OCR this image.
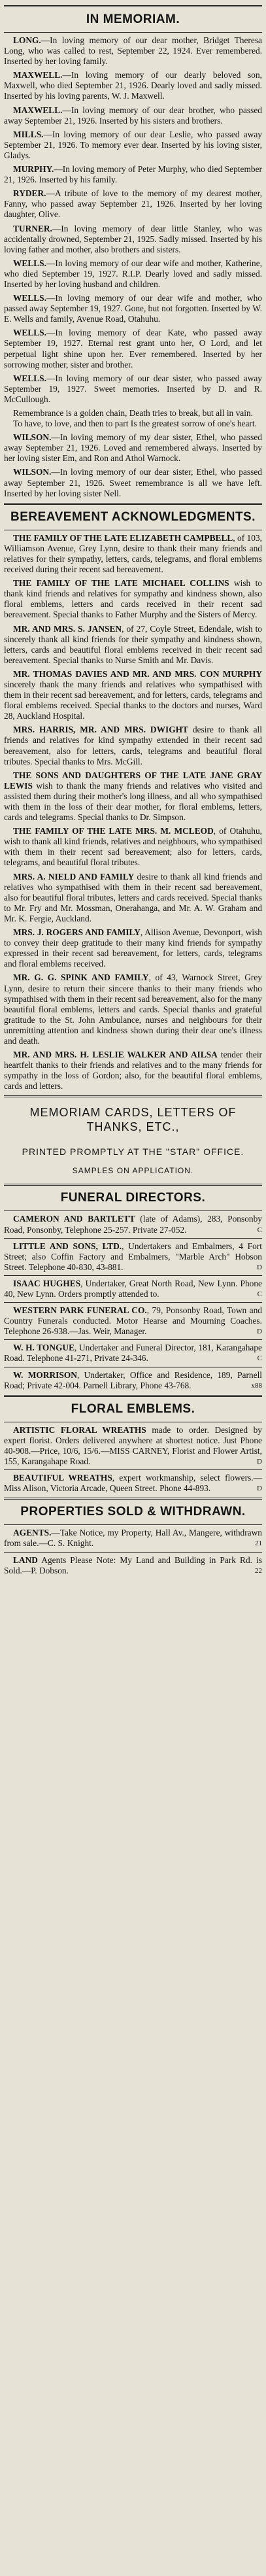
IN MEMORIAM.

LONG.—In loving memory of our dear mother, Bridget Theresa Long, who was called to rest, September 22, 1924. Ever remembered. Inserted by her loving family.

MAXWELL.—In loving memory of our dearly beloved son, Maxwell, who died September 21, 1926. Dearly loved and sadly missed. Inserted by his loving parents, W. J. Maxwell.

MAXWELL.—In loving memory of our dear brother, who passed away September 21, 1926. Inserted by his sisters and brothers.

MILLS.—In loving memory of our dear Leslie, who passed away September 21, 1926. To memory ever dear. Inserted by his loving sister, Gladys.

MURPHY.—In loving memory of Peter Murphy, who died September 21, 1926. Inserted by his family.

RYDER.—A tribute of love to the memory of my dearest mother, Fanny, who passed away September 21, 1926. Inserted by her loving daughter, Olive.

TURNER.—In loving memory of dear little Stanley, who was accidentally drowned, September 21, 1925. Sadly missed. Inserted by his loving father and mother, also brothers and sisters.

WELLS.—In loving memory of our dear wife and mother, Katherine, who died September 19, 1927. R.I.P. Dearly loved and sadly missed. Inserted by her loving husband and children.

WELLS.—In loving memory of our dear wife and mother, who passed away September 19, 1927. Gone, but not forgotten. Inserted by W. E. Wells and family, Avenue Road, Otahuhu.

WELLS.—In loving memory of dear Kate, who passed away September 19, 1927. Eternal rest grant unto her, O Lord, and let perpetual light shine upon her. Ever remembered. Inserted by her sorrowing mother, sister and brother.

WELLS.—In loving memory of our dear sister, who passed away September 19, 1927. Sweet memories. Inserted by D. and R. McCullough.

Remembrance is a golden chain, Death tries to break, but all in vain. To have, to love, and then to part Is the greatest sorrow of one's heart.

WILSON.—In loving memory of my dear sister, Ethel, who passed away September 21, 1926. Loved and remembered always. Inserted by her loving sister Em, and Ron and Athol Warnock.

WILSON.—In loving memory of our dear sister, Ethel, who passed away September 21, 1926. Sweet remembrance is all we have left. Inserted by her loving sister Nell.

BEREAVEMENT ACKNOWLEDGMENTS.

THE FAMILY OF THE LATE ELIZABETH CAMPBELL, of 103, Williamson Avenue, Grey Lynn, desire to thank their many friends and relatives for their sympathy, letters, cards, telegrams, and floral emblems received during their recent sad bereavement.

THE FAMILY OF THE LATE MICHAEL COLLINS wish to thank kind friends and relatives for sympathy and kindness shown, also floral emblems, letters and cards received in their recent sad bereavement. Special thanks to Father Murphy and the Sisters of Mercy.

MR. AND MRS. S. JANSEN, of 27, Coyle Street, Edendale, wish to sincerely thank all kind friends for their sympathy and kindness shown, letters, cards and beautiful floral emblems received in their recent sad bereavement. Special thanks to Nurse Smith and Mr. Davis.

MR. THOMAS DAVIES AND MR. AND MRS. CON MURPHY sincerely thank the many friends and relatives who sympathised with them in their recent sad bereavement, and for letters, cards, telegrams and floral emblems received. Special thanks to the doctors and nurses, Ward 28, Auckland Hospital.

MRS. HARRIS, MR. AND MRS. DWIGHT desire to thank all friends and relatives for kind sympathy extended in their recent sad bereavement, also for letters, cards, telegrams and beautiful floral tributes. Special thanks to Mrs. McGill.

THE SONS AND DAUGHTERS OF THE LATE JANE GRAY LEWIS wish to thank the many friends and relatives who visited and assisted them during their mother's long illness, and all who sympathised with them in the loss of their dear mother, for floral emblems, letters, cards and telegrams. Special thanks to Dr. Simpson.

THE FAMILY OF THE LATE MRS. M. MCLEOD, of Otahuhu, wish to thank all kind friends, relatives and neighbours, who sympathised with them in their recent sad bereavement; also for letters, cards, telegrams, and beautiful floral tributes.

MRS. A. NIELD AND FAMILY desire to thank all kind friends and relatives who sympathised with them in their recent sad bereavement, also for beautiful floral tributes, letters and cards received. Special thanks to Mr. Fry and Mr. Mossman, Onerahanga, and Mr. A. W. Graham and Mr. K. Fergie, Auckland.

MRS. J. ROGERS AND FAMILY, Allison Avenue, Devonport, wish to convey their deep gratitude to their many kind friends for sympathy expressed in their recent sad bereavement, for letters, cards, telegrams and floral emblems received.

MR. G. G. SPINK AND FAMILY, of 43, Warnock Street, Grey Lynn, desire to return their sincere thanks to their many friends who sympathised with them in their recent sad bereavement, also for the many beautiful floral emblems, letters and cards. Special thanks and grateful gratitude to the St. John Ambulance, nurses and neighbours for their unremitting attention and kindness shown during their dear one's illness and death.

MR. AND MRS. H. LESLIE WALKER AND AILSA tender their heartfelt thanks to their friends and relatives and to the many friends for sympathy in the loss of Gordon; also, for the beautiful floral emblems, cards and letters.

MEMORIAM CARDS, LETTERS OF THANKS, ETC.,
PRINTED PROMPTLY AT THE "STAR" OFFICE.
SAMPLES ON APPLICATION.
FUNERAL DIRECTORS.

CAMERON AND BARTLETT (late of Adams), 283, Ponsonby Road, Ponsonby, Telephone 25-257. Private 27-052.	C

LITTLE AND SONS, LTD., Undertakers and Embalmers, 4 Fort Street; also Coffin Factory and Embalmers, "Marble Arch" Hobson Street. Telephone 40-830, 43-881.	D

ISAAC HUGHES, Undertaker, Great North Road, New Lynn. Phone 40, New Lynn. Orders promptly attended to.	C

WESTERN PARK FUNERAL CO., 79, Ponsonby Road, Town and Country Funerals conducted. Motor Hearse and Mourning Coaches. Telephone 26-938.—Jas. Weir, Manager.	D

W. H. TONGUE, Undertaker and Funeral Director, 181, Karangahape Road. Telephone 41-271, Private 24-346.	C

W. MORRISON, Undertaker, Office and Residence, 189, Parnell Road; Private 42-004. Parnell Library, Phone 43-768.	x88

FLORAL EMBLEMS.

ARTISTIC FLORAL WREATHS made to order. Designed by expert florist. Orders delivered anywhere at shortest notice. Just Phone 40-908.—Price, 10/6, 15/6.—MISS CARNEY, Florist and Flower Artist, 155, Karangahape Road.	D

BEAUTIFUL WREATHS, expert workmanship, select flowers.—Miss Alison, Victoria Arcade, Queen Street. Phone 44-893.	D

PROPERTIES SOLD & WITHDRAWN.

AGENTS.—Take Notice, my Property, Hall Av., Mangere, withdrawn from sale.—C. S. Knight.	21

LAND Agents Please Note: My Land and Building in Park Rd. is Sold.—P. Dobson.	22
